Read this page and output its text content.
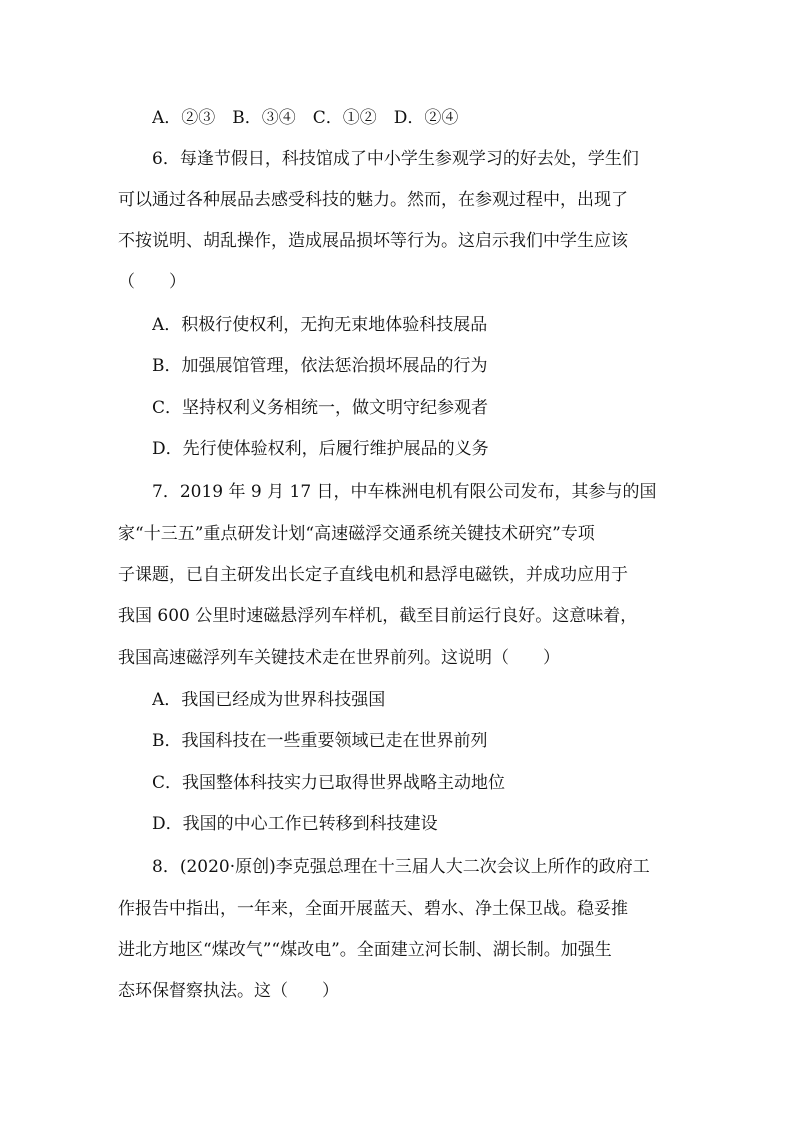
A．②③　B．③④　C．①②　D．②④
6．每逢节假日，科技馆成了中小学生参观学习的好去处，学生们
可以通过各种展品去感受科技的魅力。然而，在参观过程中，出现了
不按说明、胡乱操作，造成展品损坏等行为。这启示我们中学生应该
（　　）
A．积极行使权利，无拘无束地体验科技展品
B．加强展馆管理，依法惩治损坏展品的行为
C．坚持权利义务相统一，做文明守纪参观者
D．先行使体验权利，后履行维护展品的义务
7．2019 年 9 月 17 日，中车株洲电机有限公司发布，其参与的国
家“十三五”重点研发计划“高速磁浮交通系统关键技术研究”专项
子课题，已自主研发出长定子直线电机和悬浮电磁铁，并成功应用于
我国 600 公里时速磁悬浮列车样机，截至目前运行良好。这意味着，
我国高速磁浮列车关键技术走在世界前列。这说明（　　）
A．我国已经成为世界科技强国
B．我国科技在一些重要领域已走在世界前列
C．我国整体科技实力已取得世界战略主动地位
D．我国的中心工作已转移到科技建设
8．(2020·原创)李克强总理在十三届人大二次会议上所作的政府工
作报告中指出，一年来，全面开展蓝天、碧水、净土保卫战。稳妥推
进北方地区“煤改气”“煤改电”。全面建立河长制、湖长制。加强生
态环保督察执法。这（　　）
